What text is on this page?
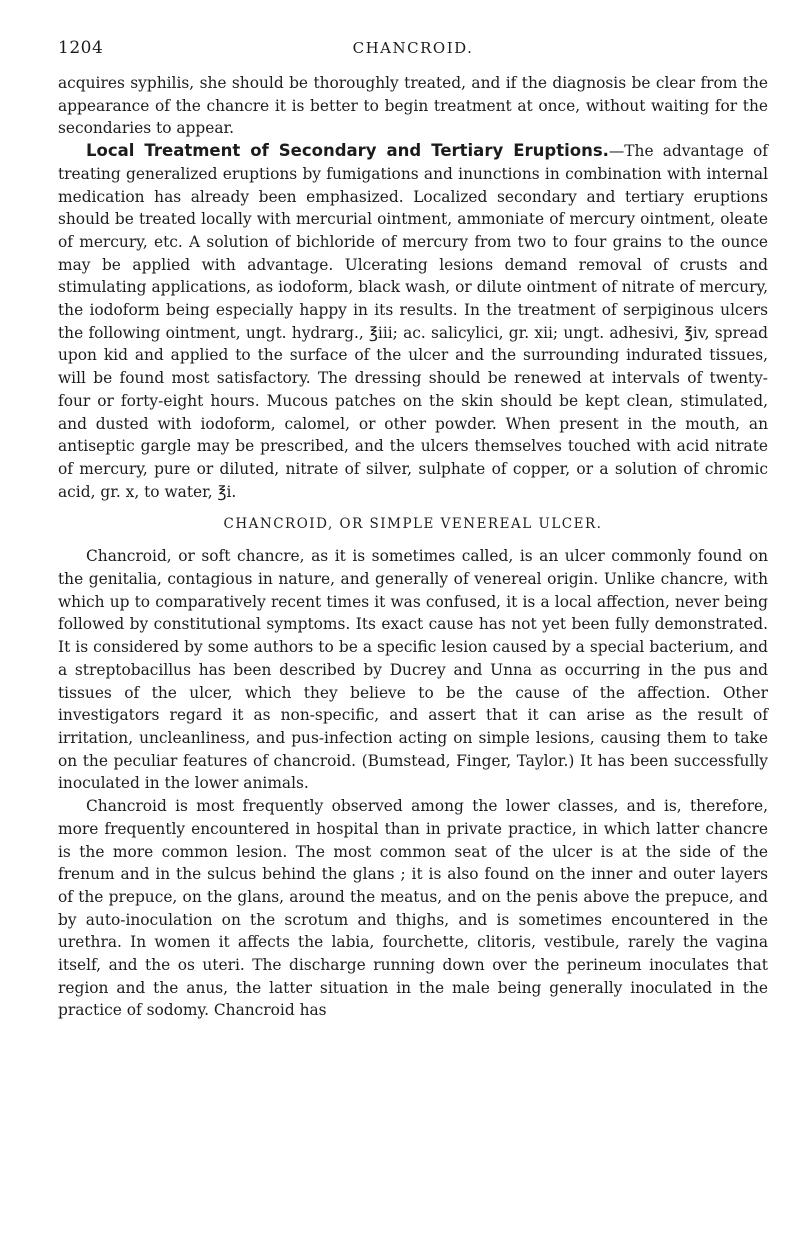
1204	CHANCROID.

acquires syphilis, she should be thoroughly treated, and if the diagnosis be clear from the appearance of the chancre it is better to begin treatment at once, without waiting for the secondaries to appear.

Local Treatment of Secondary and Tertiary Eruptions.—The advantage of treating generalized eruptions by fumigations and inunctions in combination with internal medication has already been emphasized. Localized secondary and tertiary eruptions should be treated locally with mercurial ointment, ammoniate of mercury ointment, oleate of mercury, etc. A solution of bichloride of mercury from two to four grains to the ounce may be applied with advantage. Ulcerating lesions demand removal of crusts and stimulating applications, as iodoform, black wash, or dilute ointment of nitrate of mercury, the iodoform being especially happy in its results. In the treatment of serpiginous ulcers the following ointment, ungt. hydrarg., ℥iii; ac. salicylici, gr. xii; ungt. adhesivi, ℥iv, spread upon kid and applied to the surface of the ulcer and the surrounding indurated tissues, will be found most satisfactory. The dressing should be renewed at intervals of twenty-four or forty-eight hours. Mucous patches on the skin should be kept clean, stimulated, and dusted with iodoform, calomel, or other powder. When present in the mouth, an antiseptic gargle may be prescribed, and the ulcers themselves touched with acid nitrate of mercury, pure or diluted, nitrate of silver, sulphate of copper, or a solution of chromic acid, gr. x, to water, ℥i.

CHANCROID, OR SIMPLE VENEREAL ULCER.

Chancroid, or soft chancre, as it is sometimes called, is an ulcer commonly found on the genitalia, contagious in nature, and generally of venereal origin. Unlike chancre, with which up to comparatively recent times it was confused, it is a local affection, never being followed by constitutional symptoms. Its exact cause has not yet been fully demonstrated. It is considered by some authors to be a specific lesion caused by a special bacterium, and a streptobacillus has been described by Ducrey and Unna as occurring in the pus and tissues of the ulcer, which they believe to be the cause of the affection. Other investigators regard it as non-specific, and assert that it can arise as the result of irritation, uncleanliness, and pus-infection acting on simple lesions, causing them to take on the peculiar features of chancroid. (Bumstead, Finger, Taylor.) It has been successfully inoculated in the lower animals.

Chancroid is most frequently observed among the lower classes, and is, therefore, more frequently encountered in hospital than in private practice, in which latter chancre is the more common lesion. The most common seat of the ulcer is at the side of the frenum and in the sulcus behind the glans ; it is also found on the inner and outer layers of the prepuce, on the glans, around the meatus, and on the penis above the prepuce, and by auto-inoculation on the scrotum and thighs, and is sometimes encountered in the urethra. In women it affects the labia, fourchette, clitoris, vestibule, rarely the vagina itself, and the os uteri. The discharge running down over the perineum inoculates that region and the anus, the latter situation in the male being generally inoculated in the practice of sodomy. Chancroid has
